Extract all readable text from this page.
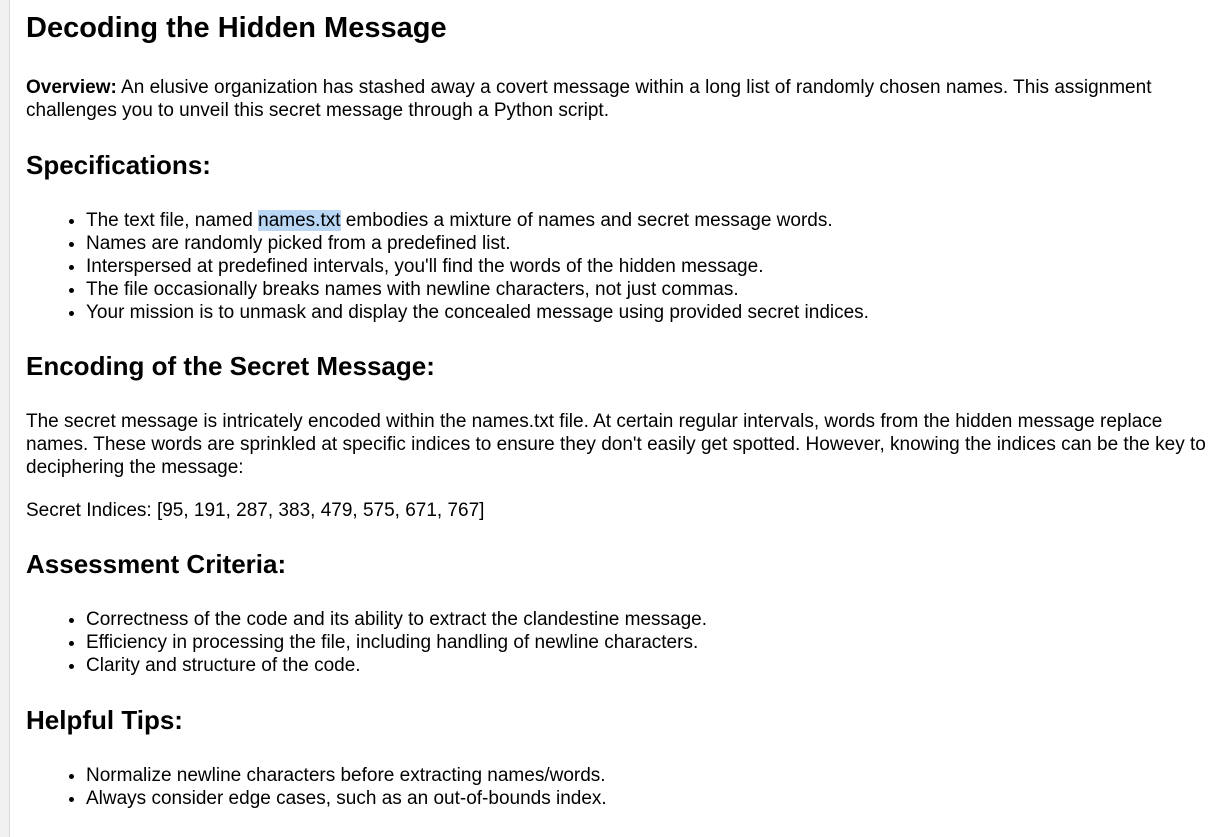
Decoding the Hidden Message

Overview: An elusive organization has stashed away a covert message within a long list of randomly chosen names. This assignment challenges you to unveil this secret message through a Python script.

Specifications:
• The text file, named names.txt embodies a mixture of names and secret message words.
• Names are randomly picked from a predefined list.
• Interspersed at predefined intervals, you'll find the words of the hidden message.
• The file occasionally breaks names with newline characters, not just commas.
• Your mission is to unmask and display the concealed message using provided secret indices.
Encoding of the Secret Message:

The secret message is intricately encoded within the names.txt file. At certain regular intervals, words from the hidden message replace names. These words are sprinkled at specific indices to ensure they don't easily get spotted. However, knowing the indices can be the key to deciphering the message:

Secret Indices: [95, 191, 287, 383, 479, 575, 671, 767]

Assessment Criteria:
• Correctness of the code and its ability to extract the clandestine message.
• Efficiency in processing the file, including handling of newline characters.
• Clarity and structure of the code.
Helpful Tips:
• Normalize newline characters before extracting names/words.
• Always consider edge cases, such as an out-of-bounds index.
